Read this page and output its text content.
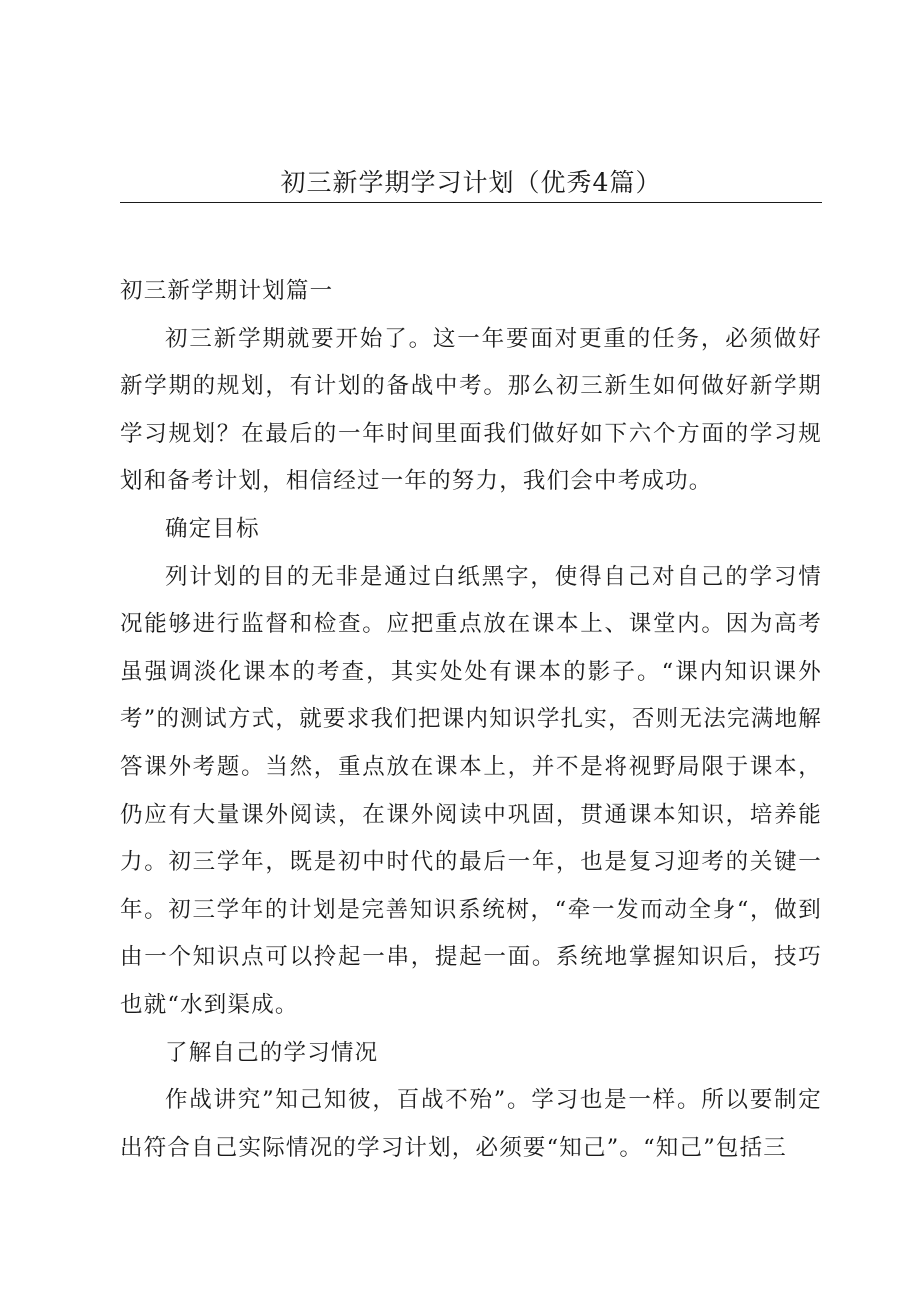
初三新学期学习计划（优秀4篇）

初三新学期计划篇一

初三新学期就要开始了。这一年要面对更重的任务，必须做好新学期的规划，有计划的备战中考。那么初三新生如何做好新学期学习规划？在最后的一年时间里面我们做好如下六个方面的学习规划和备考计划，相信经过一年的努力，我们会中考成功。

确定目标

列计划的目的无非是通过白纸黑字，使得自己对自己的学习情况能够进行监督和检查。应把重点放在课本上、课堂内。因为高考虽强调淡化课本的考查，其实处处有课本的影子。“课内知识课外考”的测试方式，就要求我们把课内知识学扎实，否则无法完满地解答课外考题。当然，重点放在课本上，并不是将视野局限于课本，仍应有大量课外阅读，在课外阅读中巩固，贯通课本知识，培养能力。初三学年，既是初中时代的最后一年，也是复习迎考的关键一年。初三学年的计划是完善知识系统树，“牵一发而动全身“，做到由一个知识点可以拎起一串，提起一面。系统地掌握知识后，技巧也就“水到渠成。

了解自己的学习情况

作战讲究”知己知彼，百战不殆”。学习也是一样。所以要制定出符合自己实际情况的学习计划，必须要“知己”。“知己”包括三
